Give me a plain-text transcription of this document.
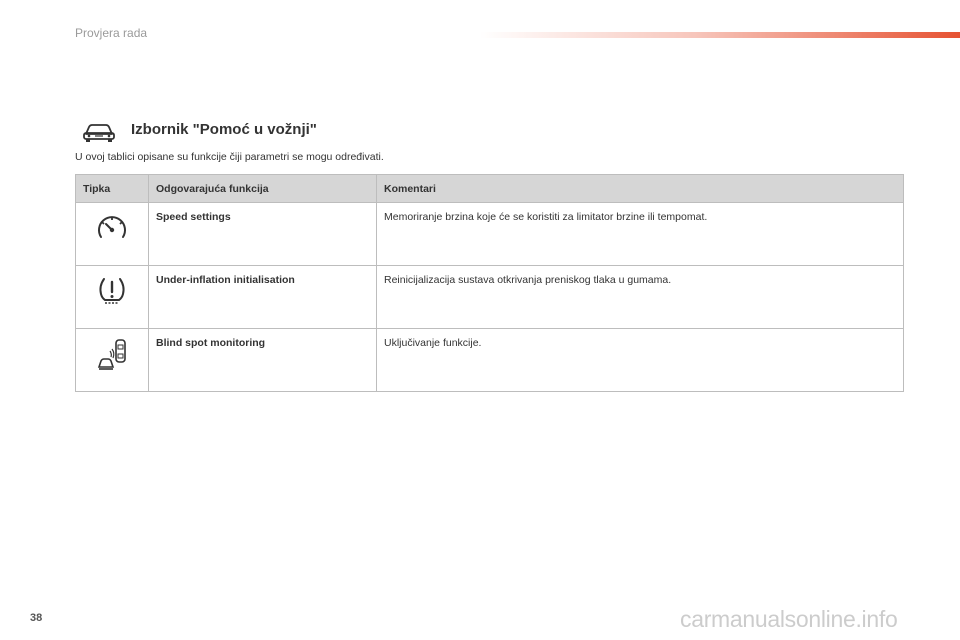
Provjera rada
Izbornik "Pomoć u vožnji"
U ovoj tablici opisane su funkcije čiji parametri se mogu određivati.
Tipka	Odgovarajuća funkcija	Komentari
	Speed settings	Memoriranje brzina koje će se koristiti za limitator brzine ili tempomat.
	Under-inflation initialisation	Reinicijalizacija sustava otkrivanja preniskog tlaka u gumama.
	Blind spot monitoring	Uključivanje funkcije.
38	carmanualsonline.info
